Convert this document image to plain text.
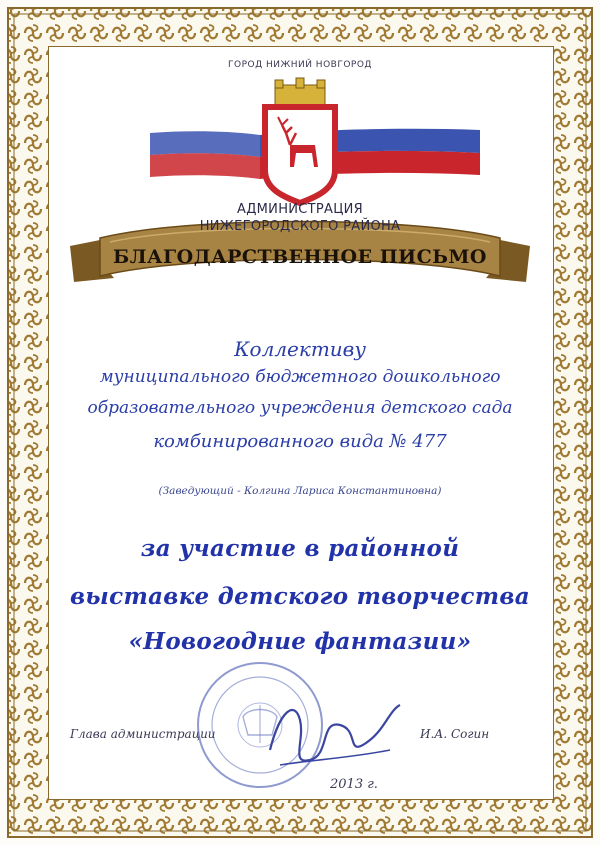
ГОРОД НИЖНИЙ НОВГОРОД
АДМИНИСТРАЦИЯ
НИЖЕГОРОДСКОГО РАЙОНА
БЛАГОДАРСТВЕННОЕ ПИСЬМО
Коллективу
муниципального бюджетного дошкольного
образовательного учреждения детского сада
комбинированного вида № 477
(Заведующий - Колгина Лариса Константиновна)
за участие в районной
выставке детского творчества
«Новогодние фантазии»
Глава администрации	И.А. Согин
2013 г.
